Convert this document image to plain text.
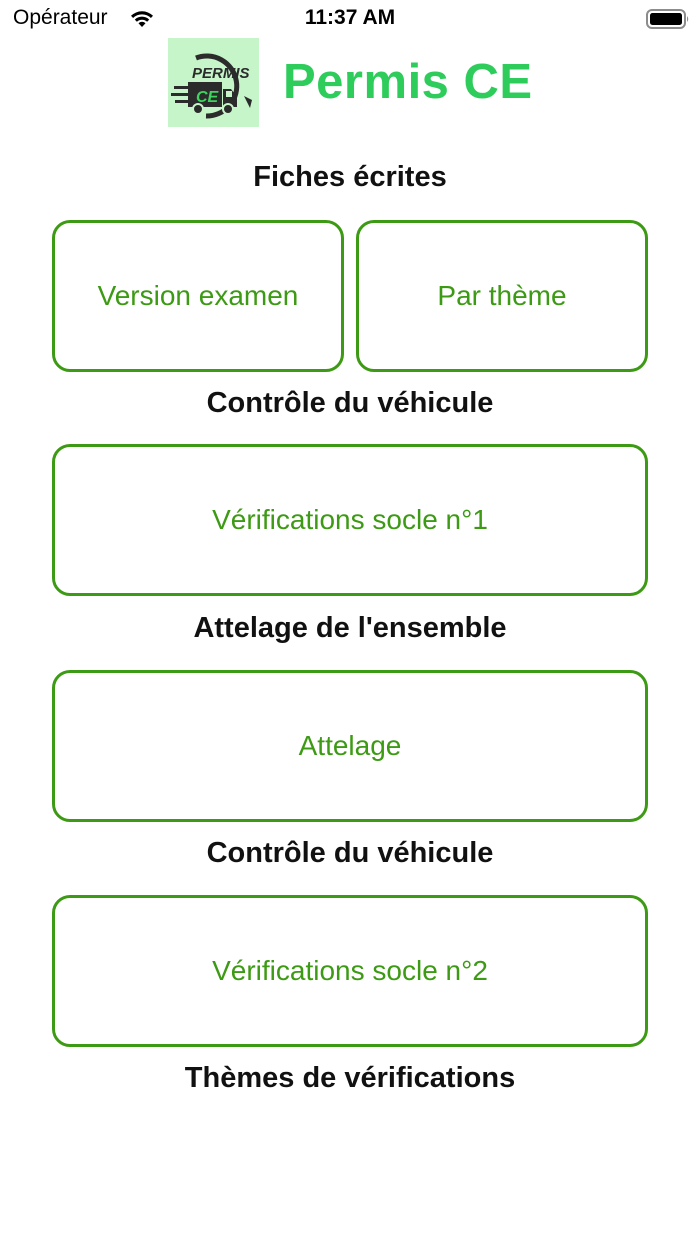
Opérateur	11:37 AM
PERMIS
CE Permis CE
Fiches écrites
Version examen	Par thème
Contrôle du véhicule
Vérifications socle n°1
Attelage de l'ensemble
Attelage
Contrôle du véhicule
Vérifications socle n°2
Thèmes de vérifications
